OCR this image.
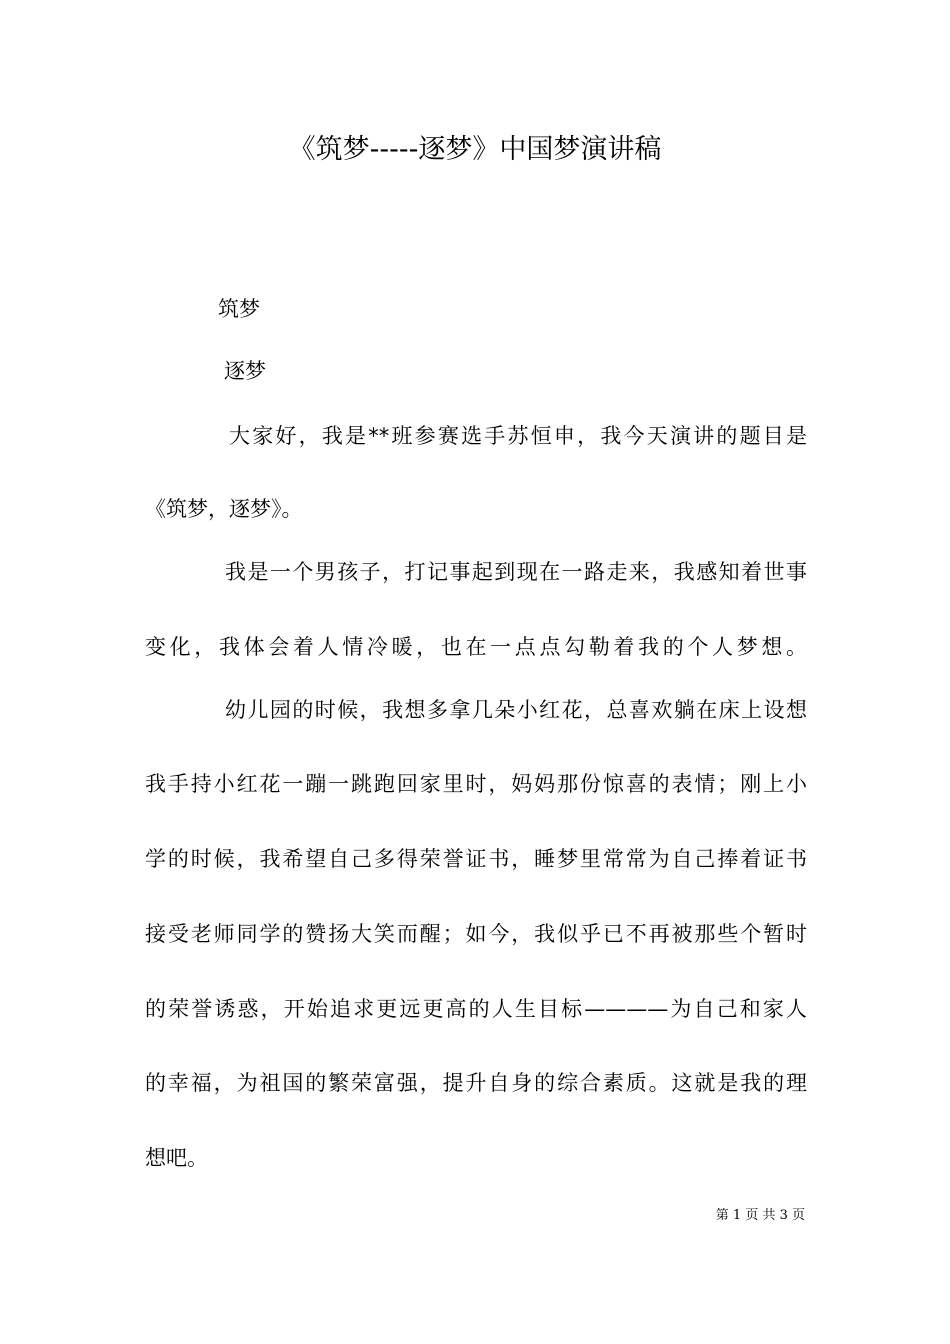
《筑梦-----逐梦》中国梦演讲稿

筑梦

逐梦

大家好，我是**班参赛选手苏恒申，我今天演讲的题目是

《筑梦，逐梦》。

我是一个男孩子，打记事起到现在一路走来，我感知着世事

变化，我体会着人情冷暖，也在一点点勾勒着我的个人梦想。

幼儿园的时候，我想多拿几朵小红花，总喜欢躺在床上设想

我手持小红花一蹦一跳跑回家里时，妈妈那份惊喜的表情；刚上小

学的时候，我希望自己多得荣誉证书，睡梦里常常为自己捧着证书

接受老师同学的赞扬大笑而醒；如今，我似乎已不再被那些个暂时

的荣誉诱惑，开始追求更远更高的人生目标————为自己和家人

的幸福，为祖国的繁荣富强，提升自身的综合素质。这就是我的理

想吧。

第 1 页 共 3 页
